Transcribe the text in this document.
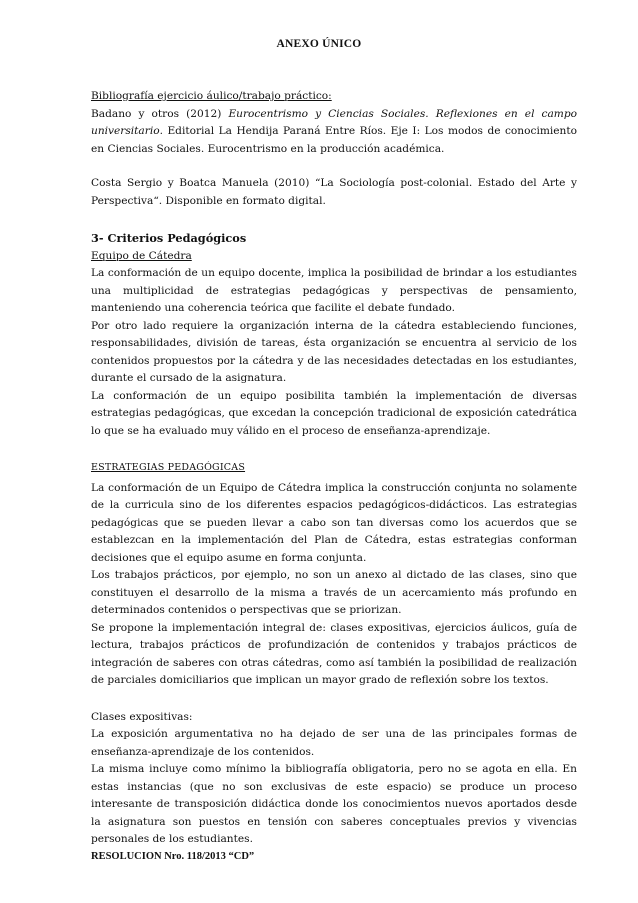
ANEXO ÚNICO

Bibliografía ejercicio áulico/trabajo práctico:

Badano y otros (2012) Eurocentrismo y Ciencias Sociales. Reflexiones en el campo universitario. Editorial La Hendija Paraná Entre Ríos. Eje I: Los modos de conocimiento en Ciencias Sociales. Eurocentrismo en la producción académica.

Costa Sergio y Boatca Manuela (2010) “La Sociología post-colonial. Estado del Arte y Perspectiva“. Disponible en formato digital.

3- Criterios Pedagógicos

Equipo de Cátedra

La conformación de un equipo docente, implica la posibilidad de brindar a los estudiantes una multiplicidad de estrategias pedagógicas y perspectivas de pensamiento, manteniendo una coherencia teórica que facilite el debate fundado.

Por otro lado requiere la organización interna de la cátedra estableciendo funciones, responsabilidades, división de tareas, ésta organización se encuentra al servicio de los contenidos propuestos por la cátedra y de las necesidades detectadas en los estudiantes, durante el cursado de la asignatura.

La conformación de un equipo posibilita también la implementación de diversas estrategias pedagógicas, que excedan la concepción tradicional de exposición catedrática lo que se ha evaluado muy válido en el proceso de enseñanza-aprendizaje.

ESTRATEGIAS PEDAGÓGICAS

La conformación de un Equipo de Cátedra implica la construcción conjunta no solamente de la curricula sino de los diferentes espacios pedagógicos-didácticos. Las estrategias pedagógicas que se pueden llevar a cabo son tan diversas como los acuerdos que se establezcan en la implementación del Plan de Cátedra, estas estrategias conforman decisiones que el equipo asume en forma conjunta.

Los trabajos prácticos, por ejemplo, no son un anexo al dictado de las clases, sino que constituyen el desarrollo de la misma a través de un acercamiento más profundo en determinados contenidos o perspectivas que se priorizan.

Se propone la implementación integral de: clases expositivas, ejercicios áulicos, guía de lectura, trabajos prácticos de profundización de contenidos y trabajos prácticos de integración de saberes con otras cátedras, como así también la posibilidad de realización de parciales domiciliarios que implican un mayor grado de reflexión sobre los textos.

Clases expositivas:

La exposición argumentativa no ha dejado de ser una de las principales formas de enseñanza-aprendizaje de los contenidos.

La misma incluye como mínimo la bibliografía obligatoria, pero no se agota en ella. En estas instancias (que no son exclusivas de este espacio) se produce un proceso interesante de transposición didáctica donde los conocimientos nuevos aportados desde la asignatura son puestos en tensión con saberes conceptuales previos y vivencias personales de los estudiantes.

RESOLUCION Nro. 118/2013 “CD”
